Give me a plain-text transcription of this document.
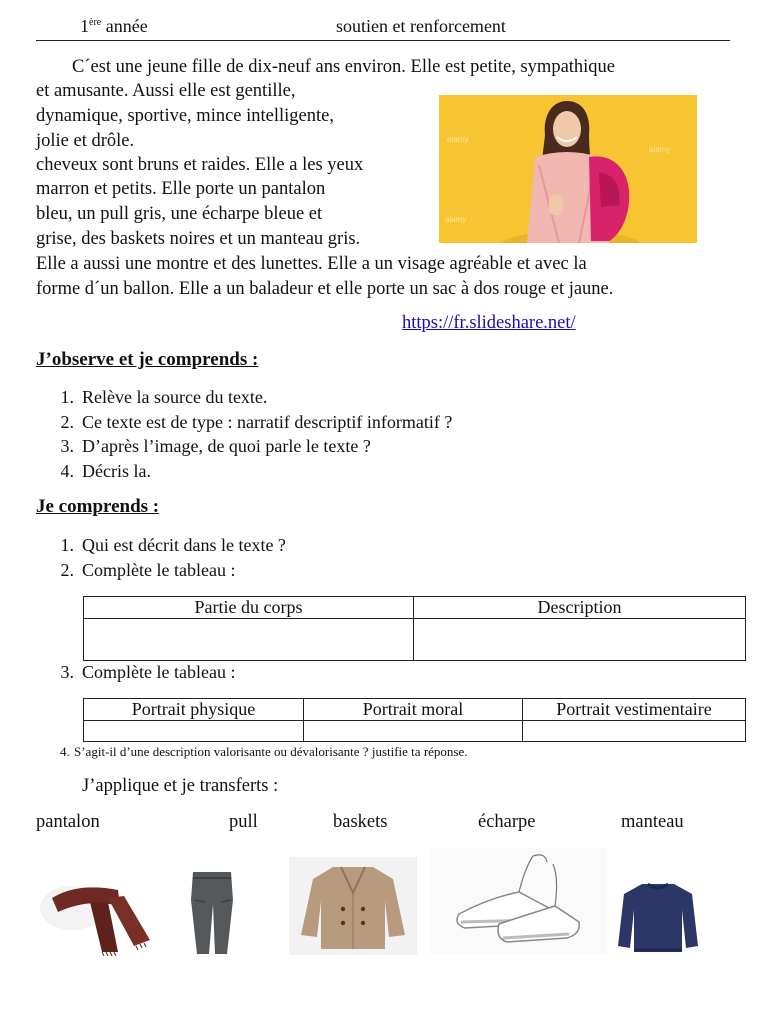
1ère année	soutien et renforcement
C´est une jeune fille de dix-neuf ans environ. Elle est petite, sympathique
et amusante. Aussi elle est gentille,
dynamique, sportive, mince intelligente,
jolie et drôle.
cheveux sont bruns et raides. Elle a les yeux
marron et petits. Elle porte un pantalon
bleu, un pull gris, une écharpe bleue et
grise, des baskets noires et un manteau gris.
Elle a aussi une montre et des lunettes. Elle a un visage agréable et avec la
forme d´un ballon. Elle a un baladeur et elle porte un sac à dos rouge et jaune.
alamy
alamy
alamy
https://fr.slideshare.net/
J’observe et je comprends :
1. Relève la source du texte.
2. Ce texte est de type : narratif descriptif informatif ?
3. D’après l’image, de quoi parle le texte ?
4. Décris la.
Je comprends :
1. Qui est décrit dans le texte ?
2. Complète le tableau :
Partie du corps	Description

3. Complète le tableau :
Portrait physique	Portrait moral	Portrait vestimentaire

4. S’agit-il d’une description valorisante ou dévalorisante ? justifie ta réponse.
J’applique et je transferts :
pantalon	pull	baskets	écharpe	manteau
